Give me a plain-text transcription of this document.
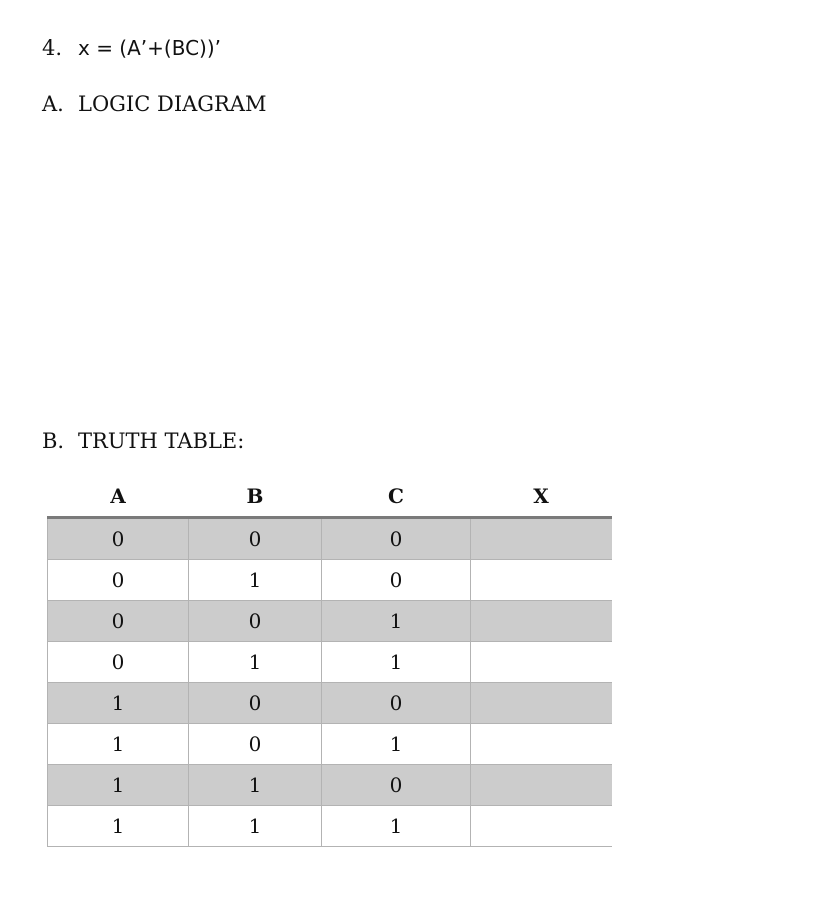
4. x = (A’+(BC))’
A. LOGIC DIAGRAM
B. TRUTH TABLE:
A	B	C	X
0	0	0	
0	1	0	
0	0	1	
0	1	1	
1	0	0	
1	0	1	
1	1	0	
1	1	1	
